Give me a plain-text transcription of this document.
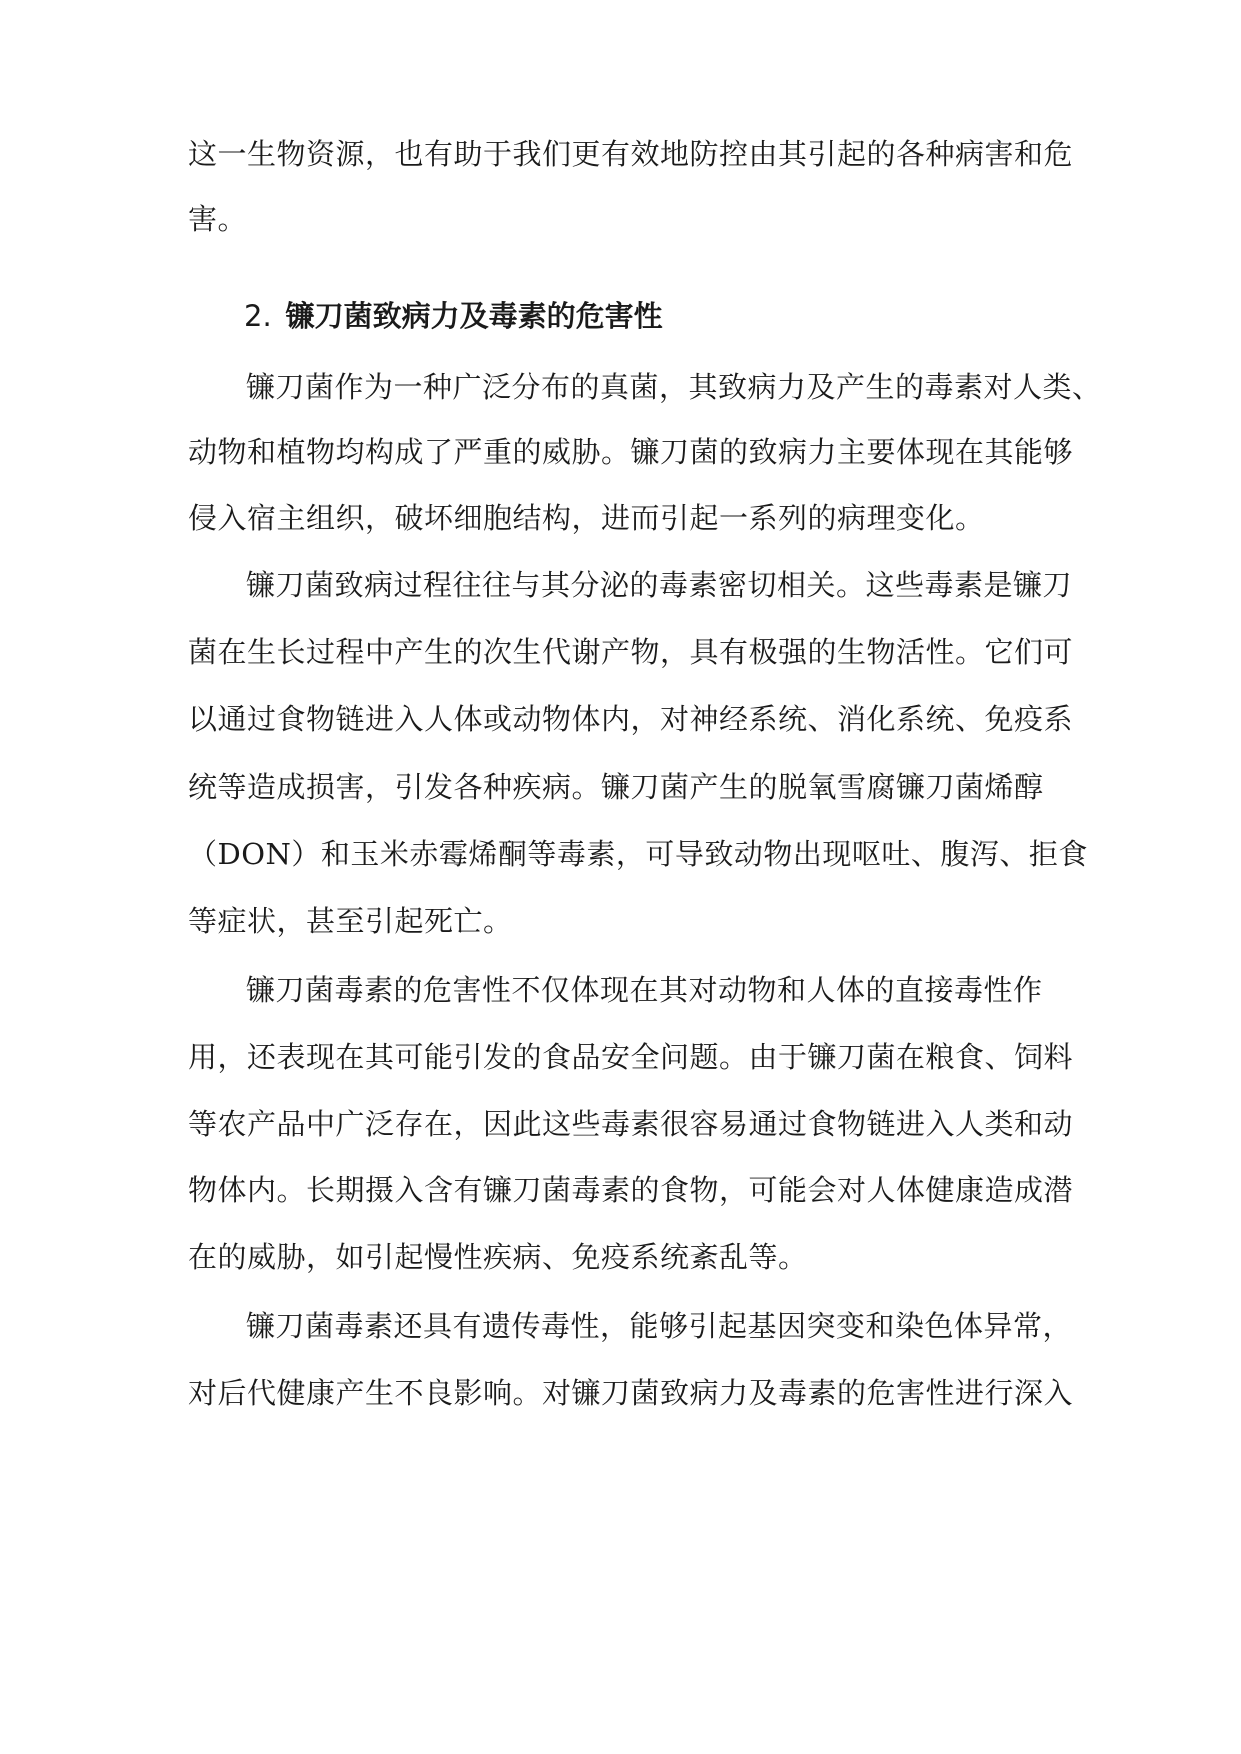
这一生物资源，也有助于我们更有效地防控由其引起的各种病害和危
害。
2. 镰刀菌致病力及毒素的危害性
镰刀菌作为一种广泛分布的真菌，其致病力及产生的毒素对人类、
动物和植物均构成了严重的威胁。镰刀菌的致病力主要体现在其能够
侵入宿主组织，破坏细胞结构，进而引起一系列的病理变化。
镰刀菌致病过程往往与其分泌的毒素密切相关。这些毒素是镰刀
菌在生长过程中产生的次生代谢产物，具有极强的生物活性。它们可
以通过食物链进入人体或动物体内，对神经系统、消化系统、免疫系
统等造成损害，引发各种疾病。镰刀菌产生的脱氧雪腐镰刀菌烯醇
（DON）和玉米赤霉烯酮等毒素，可导致动物出现呕吐、腹泻、拒食
等症状，甚至引起死亡。
镰刀菌毒素的危害性不仅体现在其对动物和人体的直接毒性作
用，还表现在其可能引发的食品安全问题。由于镰刀菌在粮食、饲料
等农产品中广泛存在，因此这些毒素很容易通过食物链进入人类和动
物体内。长期摄入含有镰刀菌毒素的食物，可能会对人体健康造成潜
在的威胁，如引起慢性疾病、免疫系统紊乱等。
镰刀菌毒素还具有遗传毒性，能够引起基因突变和染色体异常，
对后代健康产生不良影响。对镰刀菌致病力及毒素的危害性进行深入
